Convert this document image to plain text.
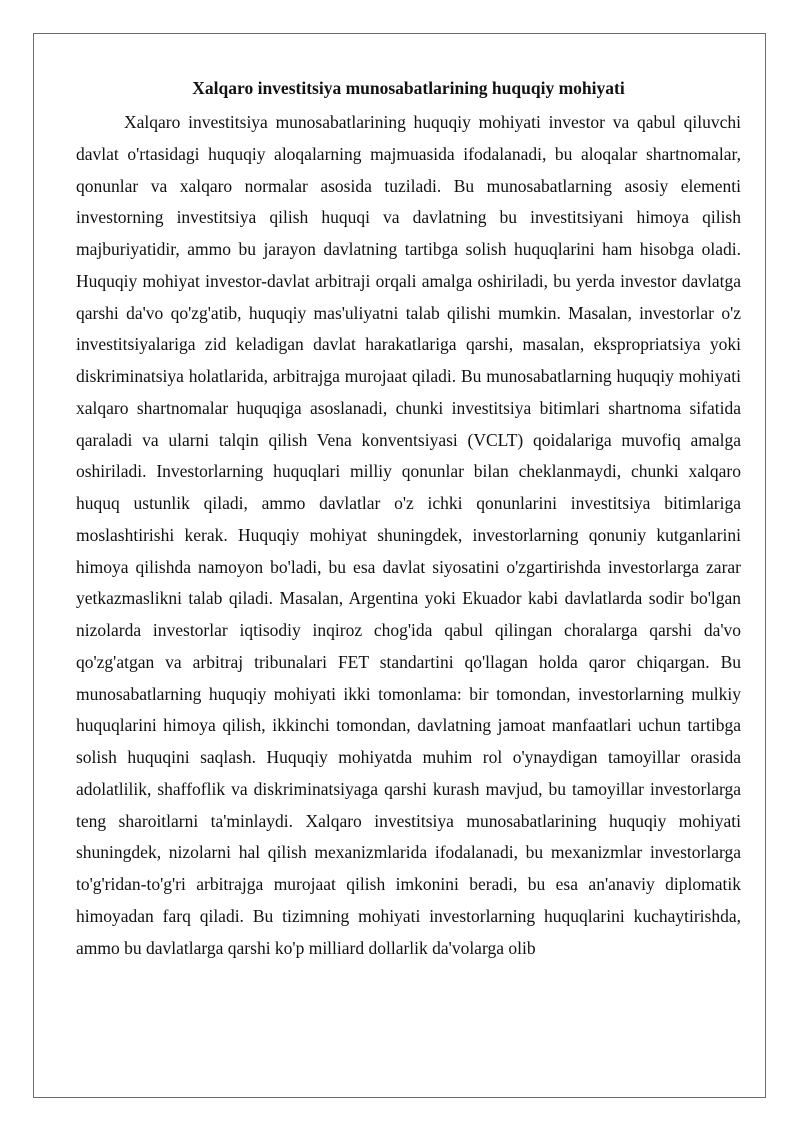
Xalqaro investitsiya munosabatlarining huquqiy mohiyati

Xalqaro investitsiya munosabatlarining huquqiy mohiyati investor va qabul qiluvchi davlat o'rtasidagi huquqiy aloqalarning majmuasida ifodalanadi, bu aloqalar shartnomalar, qonunlar va xalqaro normalar asosida tuziladi. Bu munosabatlarning asosiy elementi investorning investitsiya qilish huquqi va davlatning bu investitsiyani himoya qilish majburiyatidir, ammo bu jarayon davlatning tartibga solish huquqlarini ham hisobga oladi. Huquqiy mohiyat investor-davlat arbitraji orqali amalga oshiriladi, bu yerda investor davlatga qarshi da'vo qo'zg'atib, huquqiy mas'uliyatni talab qilishi mumkin. Masalan, investorlar o'z investitsiyalariga zid keladigan davlat harakatlariga qarshi, masalan, ekspropriatsiya yoki diskriminatsiya holatlarida, arbitrajga murojaat qiladi. Bu munosabatlarning huquqiy mohiyati xalqaro shartnomalar huquqiga asoslanadi, chunki investitsiya bitimlari shartnoma sifatida qaraladi va ularni talqin qilish Vena konventsiyasi (VCLT) qoidalariga muvofiq amalga oshiriladi. Investorlarning huquqlari milliy qonunlar bilan cheklanmaydi, chunki xalqaro huquq ustunlik qiladi, ammo davlatlar o'z ichki qonunlarini investitsiya bitimlariga moslashtirishi kerak. Huquqiy mohiyat shuningdek, investorlarning qonuniy kutganlarini himoya qilishda namoyon bo'ladi, bu esa davlat siyosatini o'zgartirishda investorlarga zarar yetkazmaslikni talab qiladi. Masalan, Argentina yoki Ekuador kabi davlatlarda sodir bo'lgan nizolarda investorlar iqtisodiy inqiroz chog'ida qabul qilingan choralarga qarshi da'vo qo'zg'atgan va arbitraj tribunalari FET standartini qo'llagan holda qaror chiqargan. Bu munosabatlarning huquqiy mohiyati ikki tomonlama: bir tomondan, investorlarning mulkiy huquqlarini himoya qilish, ikkinchi tomondan, davlatning jamoat manfaatlari uchun tartibga solish huquqini saqlash. Huquqiy mohiyatda muhim rol o'ynaydigan tamoyillar orasida adolatlilik, shaffoflik va diskriminatsiyaga qarshi kurash mavjud, bu tamoyillar investorlarga teng sharoitlarni ta'minlaydi. Xalqaro investitsiya munosabatlarining huquqiy mohiyati shuningdek, nizolarni hal qilish mexanizmlarida ifodalanadi, bu mexanizmlar investorlarga to'g'ridan-to'g'ri arbitrajga murojaat qilish imkonini beradi, bu esa an'anaviy diplomatik himoyadan farq qiladi. Bu tizimning mohiyati investorlarning huquqlarini kuchaytirishda, ammo bu davlatlarga qarshi ko'p milliard dollarlik da'volarga olib
